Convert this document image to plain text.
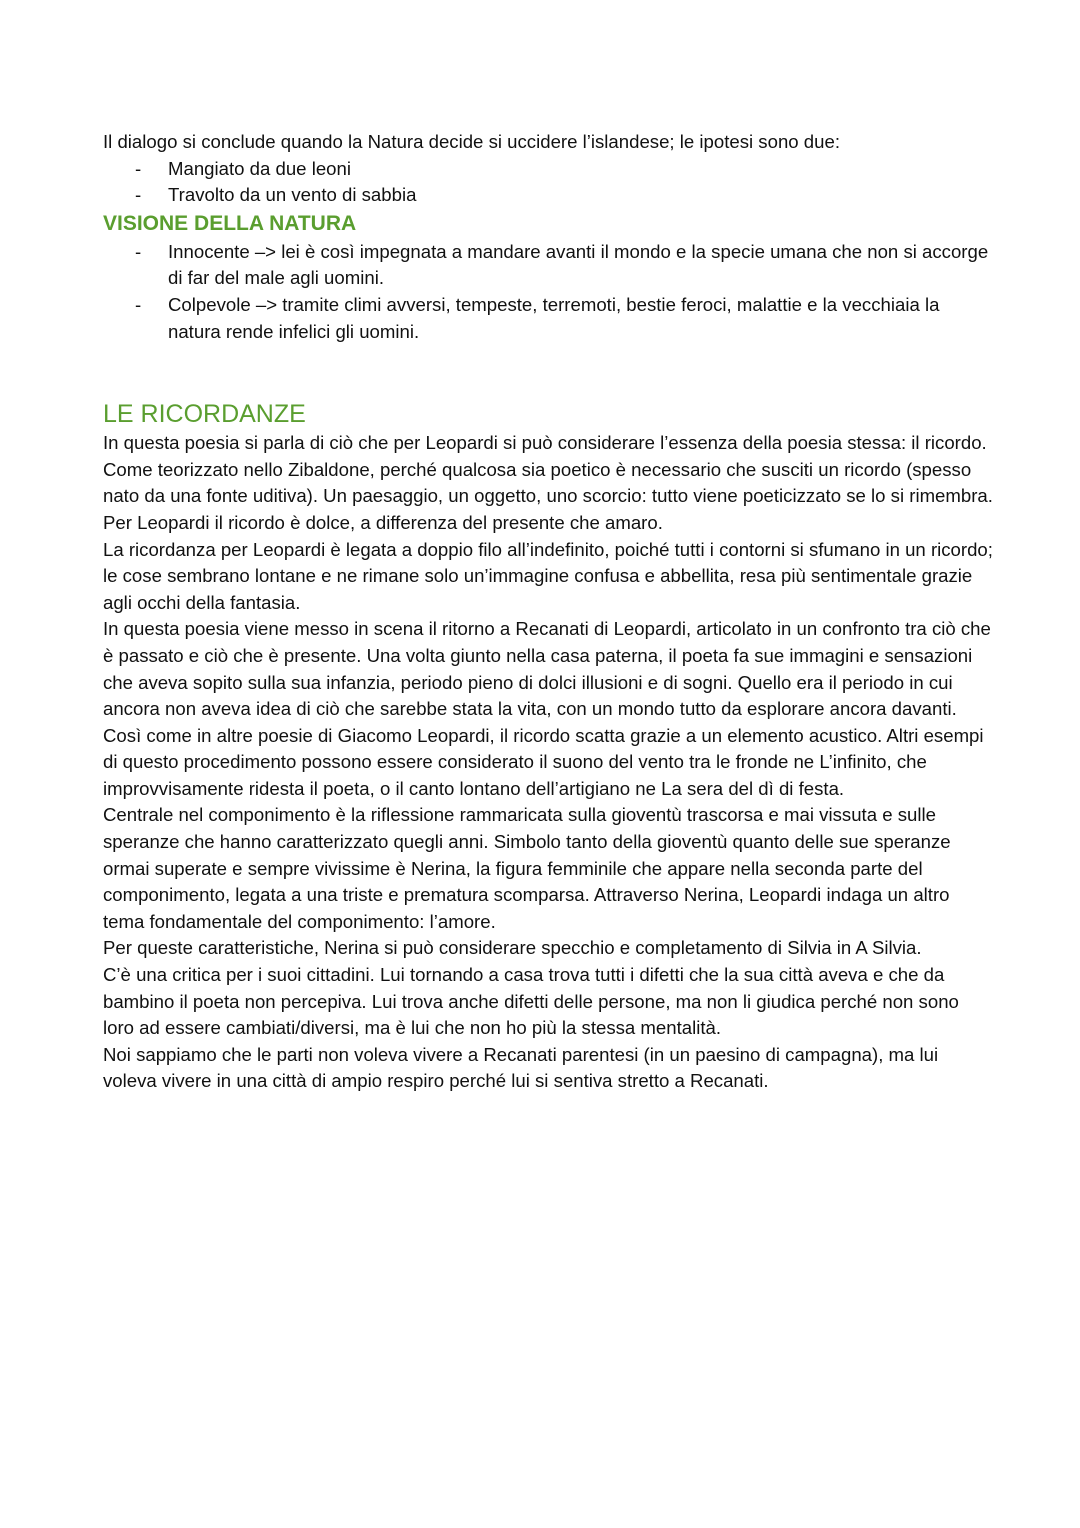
Il dialogo si conclude quando la Natura decide si uccidere l’islandese; le ipotesi sono due:

- Mangiato da due leoni
- Travolto da un vento di sabbia
VISIONE DELLA NATURA
- Innocente –> lei è così impegnata a mandare avanti il mondo e la specie umana che non si accorge di far del male agli uomini.
- Colpevole –> tramite climi avversi, tempeste, terremoti, bestie feroci, malattie e la vecchiaia la natura rende infelici gli uomini.
LE RICORDANZE

In questa poesia si parla di ciò che per Leopardi si può considerare l’essenza della poesia stessa: il ricordo. Come teorizzato nello Zibaldone, perché qualcosa sia poetico è necessario che susciti un ricordo (spesso nato da una fonte uditiva). Un paesaggio, un oggetto, uno scorcio: tutto viene poeticizzato se lo si rimembra.

Per Leopardi il ricordo è dolce, a differenza del presente che amaro.

La ricordanza per Leopardi è legata a doppio filo all’indefinito, poiché tutti i contorni si sfumano in un ricordo; le cose sembrano lontane e ne rimane solo un’immagine confusa e abbellita, resa più sentimentale grazie agli occhi della fantasia.

In questa poesia viene messo in scena il ritorno a Recanati di Leopardi, articolato in un confronto tra ciò che è passato e ciò che è presente. Una volta giunto nella casa paterna, il poeta fa sue immagini e sensazioni che aveva sopito sulla sua infanzia, periodo pieno di dolci illusioni e di sogni. Quello era il periodo in cui ancora non aveva idea di ciò che sarebbe stata la vita, con un mondo tutto da esplorare ancora davanti.

Così come in altre poesie di Giacomo Leopardi, il ricordo scatta grazie a un elemento acustico. Altri esempi di questo procedimento possono essere considerato il suono del vento tra le fronde ne L’infinito, che improvvisamente ridesta il poeta, o il canto lontano dell’artigiano ne La sera del dì di festa.

Centrale nel componimento è la riflessione rammaricata sulla gioventù trascorsa e mai vissuta e sulle speranze che hanno caratterizzato quegli anni. Simbolo tanto della gioventù quanto delle sue speranze ormai superate e sempre vivissime è Nerina, la figura femminile che appare nella seconda parte del componimento, legata a una triste e prematura scomparsa. Attraverso Nerina, Leopardi indaga un altro tema fondamentale del componimento: l’amore.

Per queste caratteristiche, Nerina si può considerare specchio e completamento di Silvia in A Silvia.

C’è una critica per i suoi cittadini. Lui tornando a casa trova tutti i difetti che la sua città aveva e che da bambino il poeta non percepiva. Lui trova anche difetti delle persone, ma non li giudica perché non sono loro ad essere cambiati/diversi, ma è lui che non ho più la stessa mentalità.

Noi sappiamo che le parti non voleva vivere a Recanati parentesi (in un paesino di campagna), ma lui voleva vivere in una città di ampio respiro perché lui si sentiva stretto a Recanati.
